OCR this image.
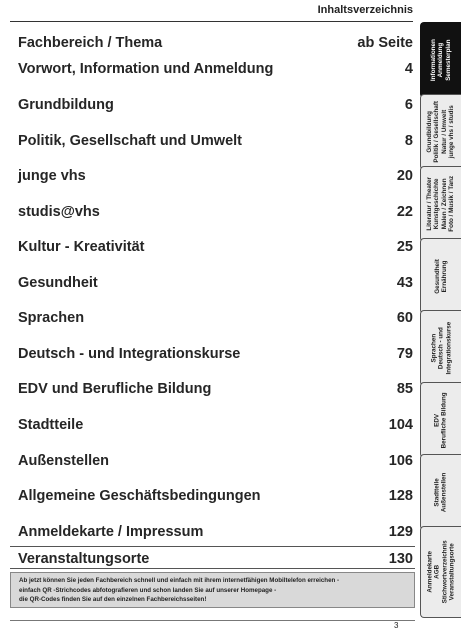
Inhaltsverzeichnis
Fachbereich / Thema	ab Seite
Vorwort, Information und Anmeldung	4
Grundbildung	6
Politik, Gesellschaft und Umwelt	8
junge vhs	20
studis@vhs	22
Kultur - Kreativität	25
Gesundheit	43
Sprachen	60
Deutsch - und Integrationskurse	79
EDV und Berufliche Bildung	85
Stadtteile	104
Außenstellen	106
Allgemeine Geschäftsbedingungen	128
Anmeldekarte / Impressum	129
Veranstaltungsorte	130
Ab jetzt können Sie jeden Fachbereich schnell und einfach mit ihrem internetfähigen Mobiltelefon erreichen -
einfach QR -Strichcodes abfotografieren und schon landen Sie auf unserer Homepage -
die QR-Codes finden Sie auf den einzelnen Fachbereichsseiten!
3
Informationen Anmeldung Semesterplan
Grundbildung Politik / Gesellschaft Natur / Umwelt junge vhs / studis
Literatur / Theater Kunstgeschichte Malen / Zeichnen Foto / Musik / Tanz
Gesundheit Ernährung
Sprachen Deutsch - und Integrationskurse
EDV Berufliche Bildung
Stadtteile Außenstellen
Anmeldekarte AGB Stichwortverzeichnis Veranstaltungsorte
